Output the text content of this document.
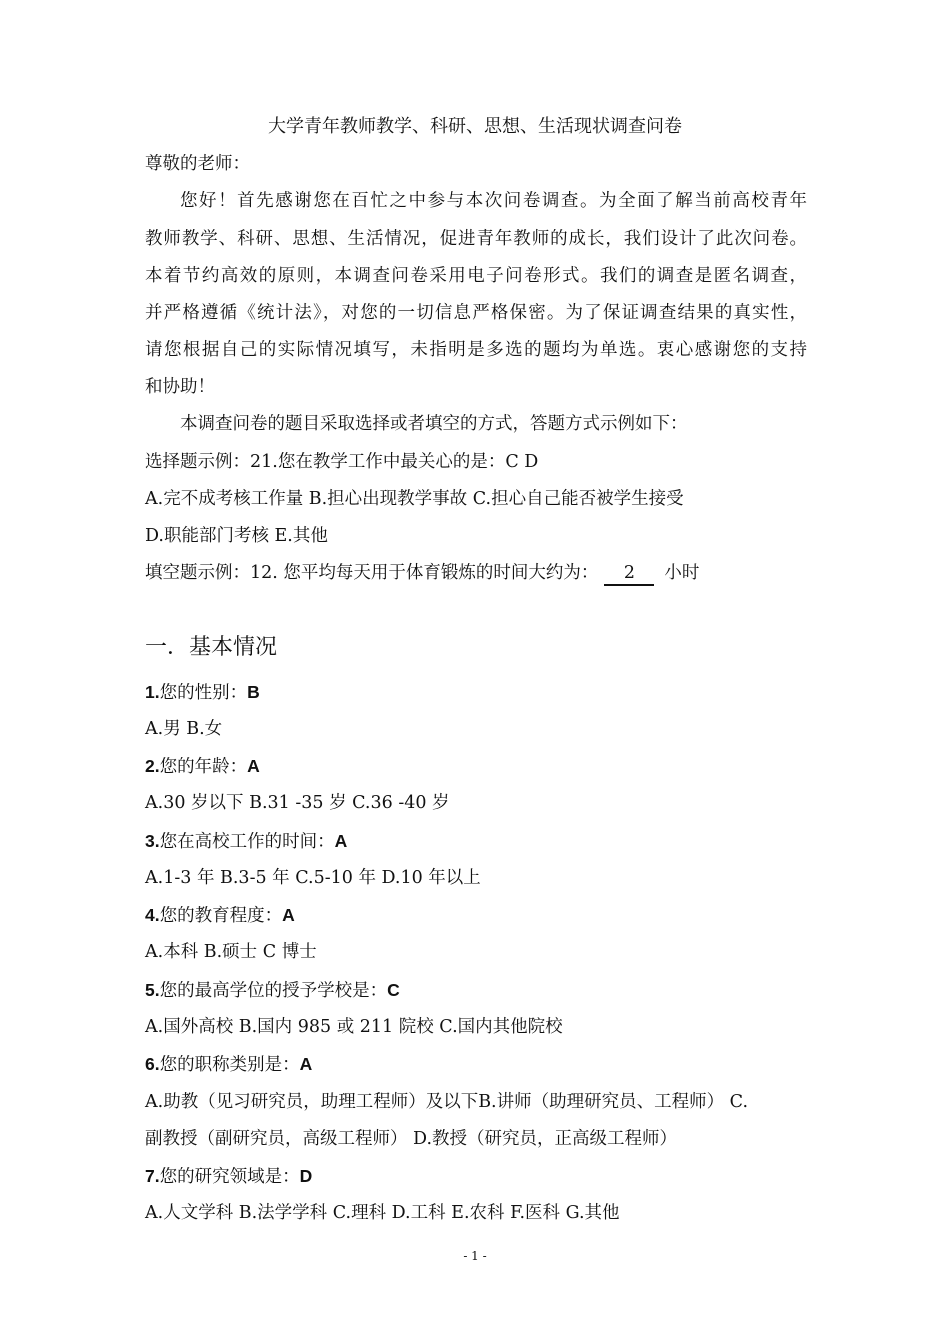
大学青年教师教学、科研、思想、生活现状调查问卷
尊敬的老师：
您好！首先感谢您在百忙之中参与本次问卷调查。为全面了解当前高校青年
教师教学、科研、思想、生活情况，促进青年教师的成长，我们设计了此次问卷。
本着节约高效的原则，本调查问卷采用电子问卷形式。我们的调查是匿名调查，
并严格遵循《统计法》，对您的一切信息严格保密。为了保证调查结果的真实性，
请您根据自己的实际情况填写，未指明是多选的题均为单选。衷心感谢您的支持
和协助！
本调查问卷的题目采取选择或者填空的方式，答题方式示例如下：
选择题示例：21.您在教学工作中最关心的是：C D
A.完不成考核工作量 B.担心出现教学事故 C.担心自己能否被学生接受
D.职能部门考核 E.其他
填空题示例：12. 您平均每天用于体育锻炼的时间大约为： 2 小时
一．基本情况
1.您的性别：B
A.男 B.女
2.您的年龄：A
A.30 岁以下 B.31 -35 岁 C.36 -40 岁
3.您在高校工作的时间：A
A.1-3 年 B.3-5 年 C.5-10 年 D.10 年以上
4.您的教育程度：A
A.本科 B.硕士 C 博士
5.您的最高学位的授予学校是：C
A.国外高校 B.国内 985 或 211 院校 C.国内其他院校
6.您的职称类别是：A
A.助教（见习研究员，助理工程师）及以下B.讲师（助理研究员、工程师） C.
副教授（副研究员，高级工程师） D.教授（研究员，正高级工程师）
7.您的研究领域是：D
A.人文学科 B.法学学科 C.理科 D.工科 E.农科 F.医科 G.其他
- 1 -
